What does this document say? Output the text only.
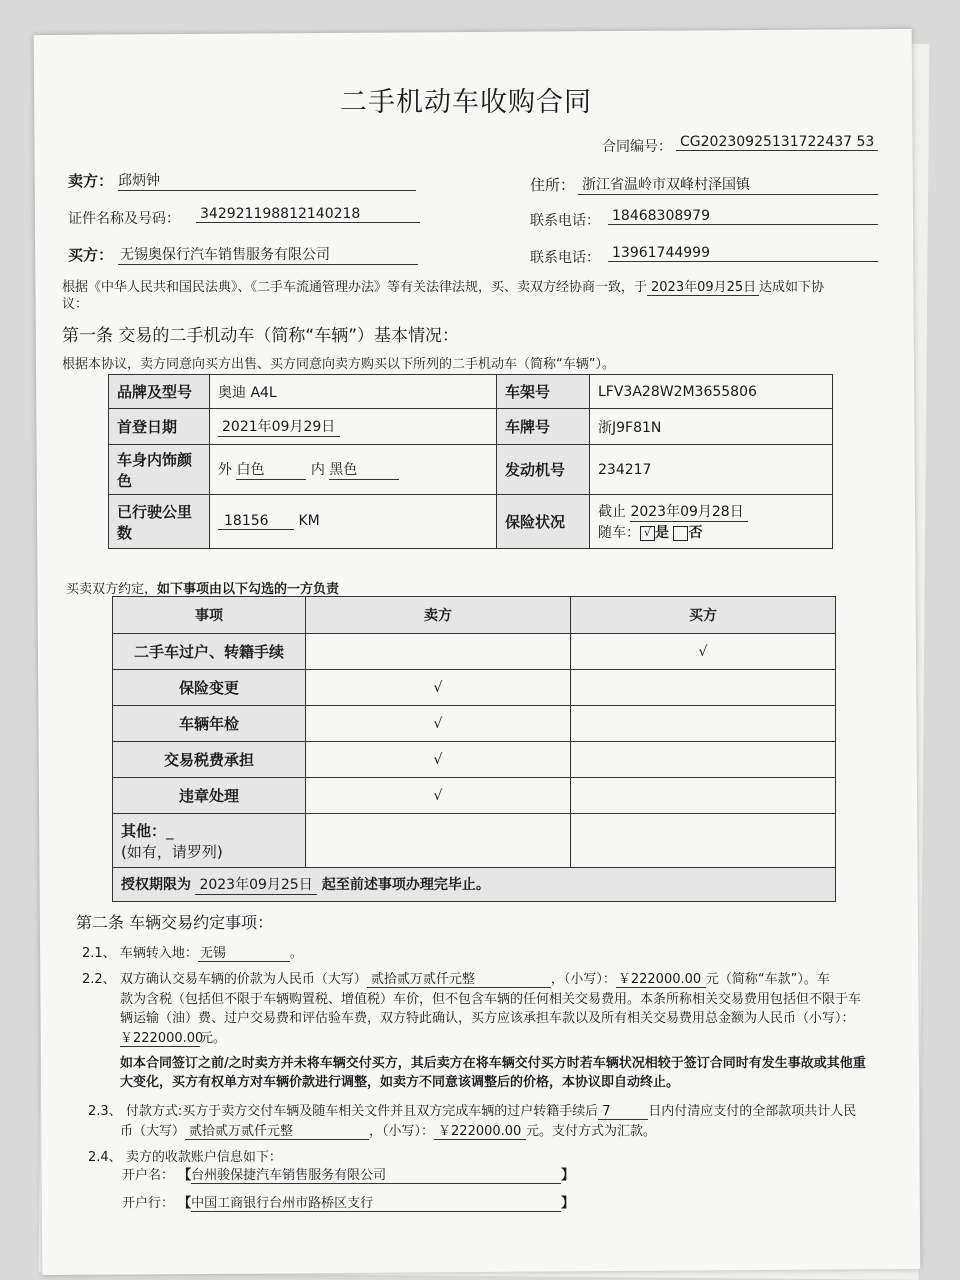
二手机动车收购合同
合同编号： CG20230925131722437 53
卖方： 邱炳钟	住所： 浙江省温岭市双峰村泽国镇
证件名称及号码： 342921198812140218	联系电话： 18468308979
买方： 无锡奥保行汽车销售服务有限公司	联系电话： 13961744999
根据《中华人民共和国民法典》、《二手车流通管理办法》等有关法律法规，买、卖双方经协商一致，于 2023年09月25日 达成如下协
议：
第一条 交易的二手机动车（简称“车辆”）基本情况：
根据本协议，卖方同意向买方出售、买方同意向卖方购买以下所列的二手机动车（简称“车辆”）。
品牌及型号	奥迪 A4L	车架号	LFV3A28W2M3655806
首登日期	2021年09月29日	车牌号	浙J9F81N
车身内饰颜色	外 白色 内 黑色	发动机号	234217
已行驶公里数	18156 KM	保险状况	截止 2023年09月28日
随车： √ 是 否
买卖双方约定，如下事项由以下勾选的一方负责
事项	卖方	买方
二手车过户、转籍手续		√
保险变更	√	
车辆年检	√	
交易税费承担	√	
违章处理	√	

其他：_
(如有，请罗列)		

授权期限为 2023年09月25日 起至前述事项办理完毕止。		
第二条 车辆交易约定事项：
2.1、 车辆转入地： 无锡	。
2.2、 双方确认交易车辆的价款为人民币（大写） 贰拾贰万贰仟元整	，（小写）： ￥222000.00 元（简称“车款”）。车
款为含税（包括但不限于车辆购置税、增值税）车价，但不包含车辆的任何相关交易费用。本条所称相关交易费用包括但不限于车
辆运输（油）费、过户交易费和评估验车费，双方特此确认，买方应该承担车款以及所有相关交易费用总金额为人民币（小写）：
￥222000.00元。
如本合同签订之前/之时卖方并未将车辆交付买方，其后卖方在将车辆交付买方时若车辆状况相较于签订合同时有发生事故或其他重
大变化，买方有权单方对车辆价款进行调整，如卖方不同意该调整后的价格，本协议即自动终止。
2.3、 付款方式:买方于卖方交付车辆及随车相关文件并且双方完成车辆的过户转籍手续后 7	日内付清应支付的全部款项共计人民
币（大写） 贰拾贰万贰仟元整	，（小写）： ￥222000.00 元。支付方式为汇款。
2.4、 卖方的收款账户信息如下：
开户名： 【台州骏保捷汽车销售服务有限公司	】
开户行： 【中国工商银行台州市路桥区支行	】
